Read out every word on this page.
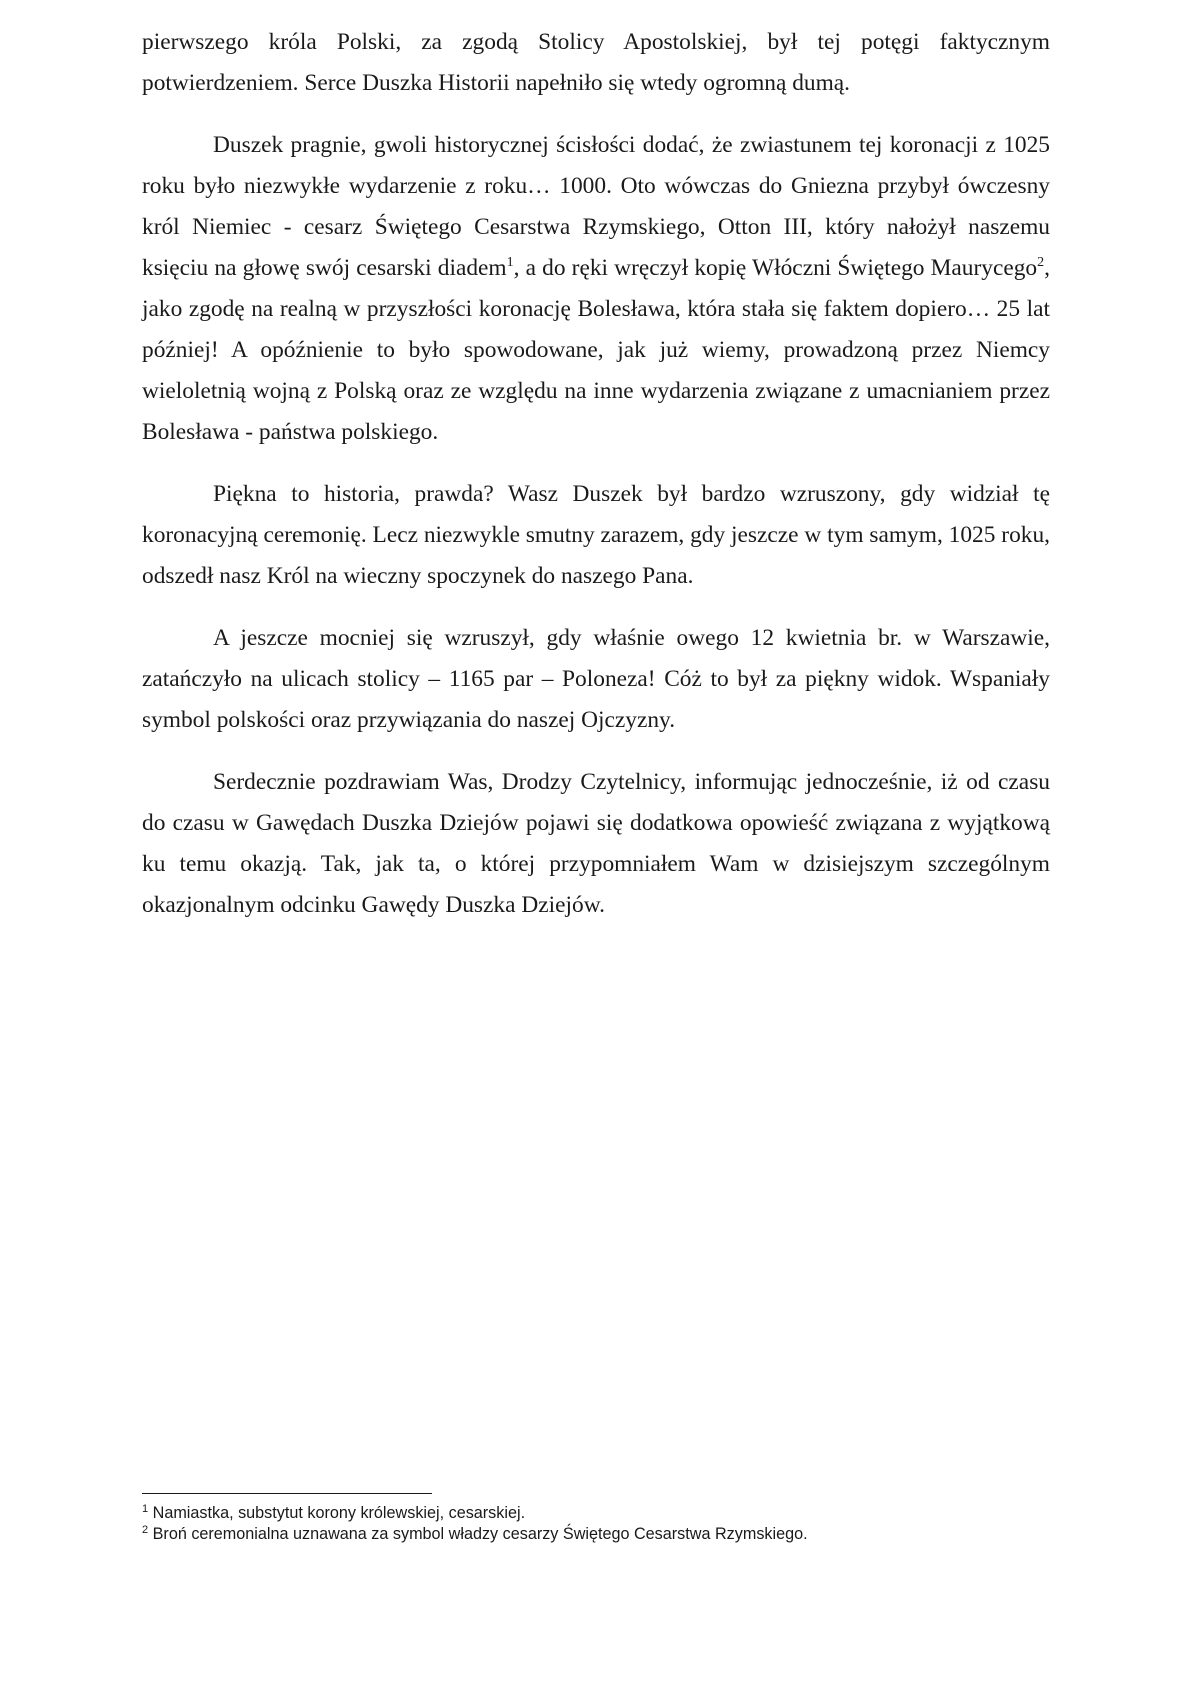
pierwszego króla Polski, za zgodą Stolicy Apostolskiej, był tej potęgi faktycznym potwierdzeniem. Serce Duszka Historii napełniło się wtedy ogromną dumą.

Duszek pragnie, gwoli historycznej ścisłości dodać, że zwiastunem tej koronacji z 1025 roku było niezwykłe wydarzenie z roku… 1000. Oto wówczas do Gniezna przybył ówczesny król Niemiec - cesarz Świętego Cesarstwa Rzymskiego, Otton III, który nałożył naszemu księciu na głowę swój cesarski diadem$^1$, a do ręki wręczył kopię Włóczni Świętego Maurycego$^2$, jako zgodę na realną w przyszłości koronację Bolesława, która stała się faktem dopiero… 25 lat później! A opóźnienie to było spowodowane, jak już wiemy, prowadzoną przez Niemcy wieloletnią wojną z Polską oraz ze względu na inne wydarzenia związane z umacnianiem przez Bolesława - państwa polskiego.

Piękna to historia, prawda? Wasz Duszek był bardzo wzruszony, gdy widział tę koronacyjną ceremonię. Lecz niezwykle smutny zarazem, gdy jeszcze w tym samym, 1025 roku, odszedł nasz Król na wieczny spoczynek do naszego Pana.

A jeszcze mocniej się wzruszył, gdy właśnie owego 12 kwietnia br. w Warszawie, zatańczyło na ulicach stolicy – 1165 par – Poloneza! Cóż to był za piękny widok. Wspaniały symbol polskości oraz przywiązania do naszej Ojczyzny.

Serdecznie pozdrawiam Was, Drodzy Czytelnicy, informując jednocześnie, iż od czasu do czasu w Gawędach Duszka Dziejów pojawi się dodatkowa opowieść związana z wyjątkową ku temu okazją. Tak, jak ta, o której przypomniałem Wam w dzisiejszym szczególnym okazjonalnym odcinku Gawędy Duszka Dziejów.

$^1$ Namiastka, substytut korony królewskiej, cesarskiej.

$^2$ Broń ceremonialna uznawana za symbol władzy cesarzy Świętego Cesarstwa Rzymskiego.
